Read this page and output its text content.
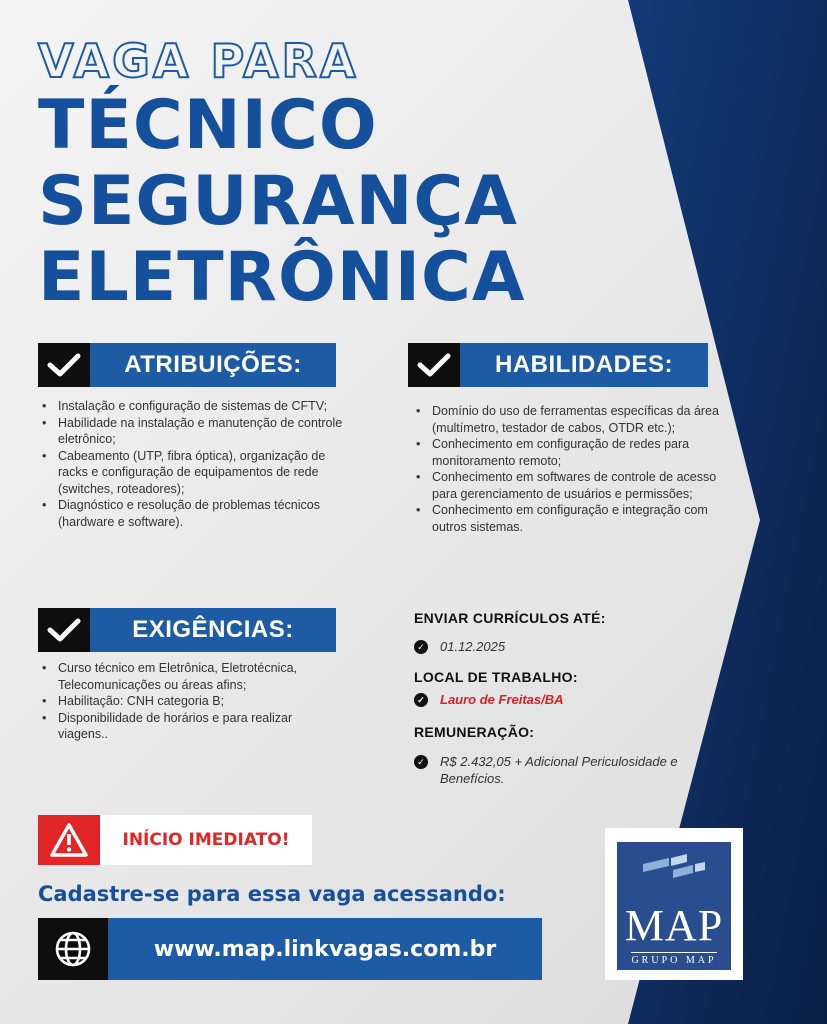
VAGA PARA
TÉCNICO
SEGURANÇA
ELETRÔNICA
ATRIBUIÇÕES:
• Instalação e configuração de sistemas de CFTV;
• Habilidade na instalação e manutenção de controle eletrônico;
• Cabeamento (UTP, fibra óptica), organização de racks e configuração de equipamentos de rede (switches, roteadores);
• Diagnóstico e resolução de problemas técnicos (hardware e software).
HABILIDADES:
• Domínio do uso de ferramentas específicas da área (multímetro, testador de cabos, OTDR etc.);
• Conhecimento em configuração de redes para monitoramento remoto;
• Conhecimento em softwares de controle de acesso para gerenciamento de usuários e permissões;
• Conhecimento em configuração e integração com outros sistemas.
EXIGÊNCIAS:
• Curso técnico em Eletrônica, Eletrotécnica, Telecomunicações ou áreas afins;
• Habilitação: CNH categoria B;
• Disponibilidade de horários e para realizar viagens..
ENVIAR CURRÍCULOS ATÉ:
✓ 01.12.2025
LOCAL DE TRABALHO:
✓ Lauro de Freitas/BA
REMUNERAÇÃO:
✓ R$ 2.432,05 + Adicional Periculosidade e Benefícios.
INÍCIO IMEDIATO!
Cadastre-se para essa vaga acessando:
www.map.linkvagas.com.br	MAP
GRUPO MAP
